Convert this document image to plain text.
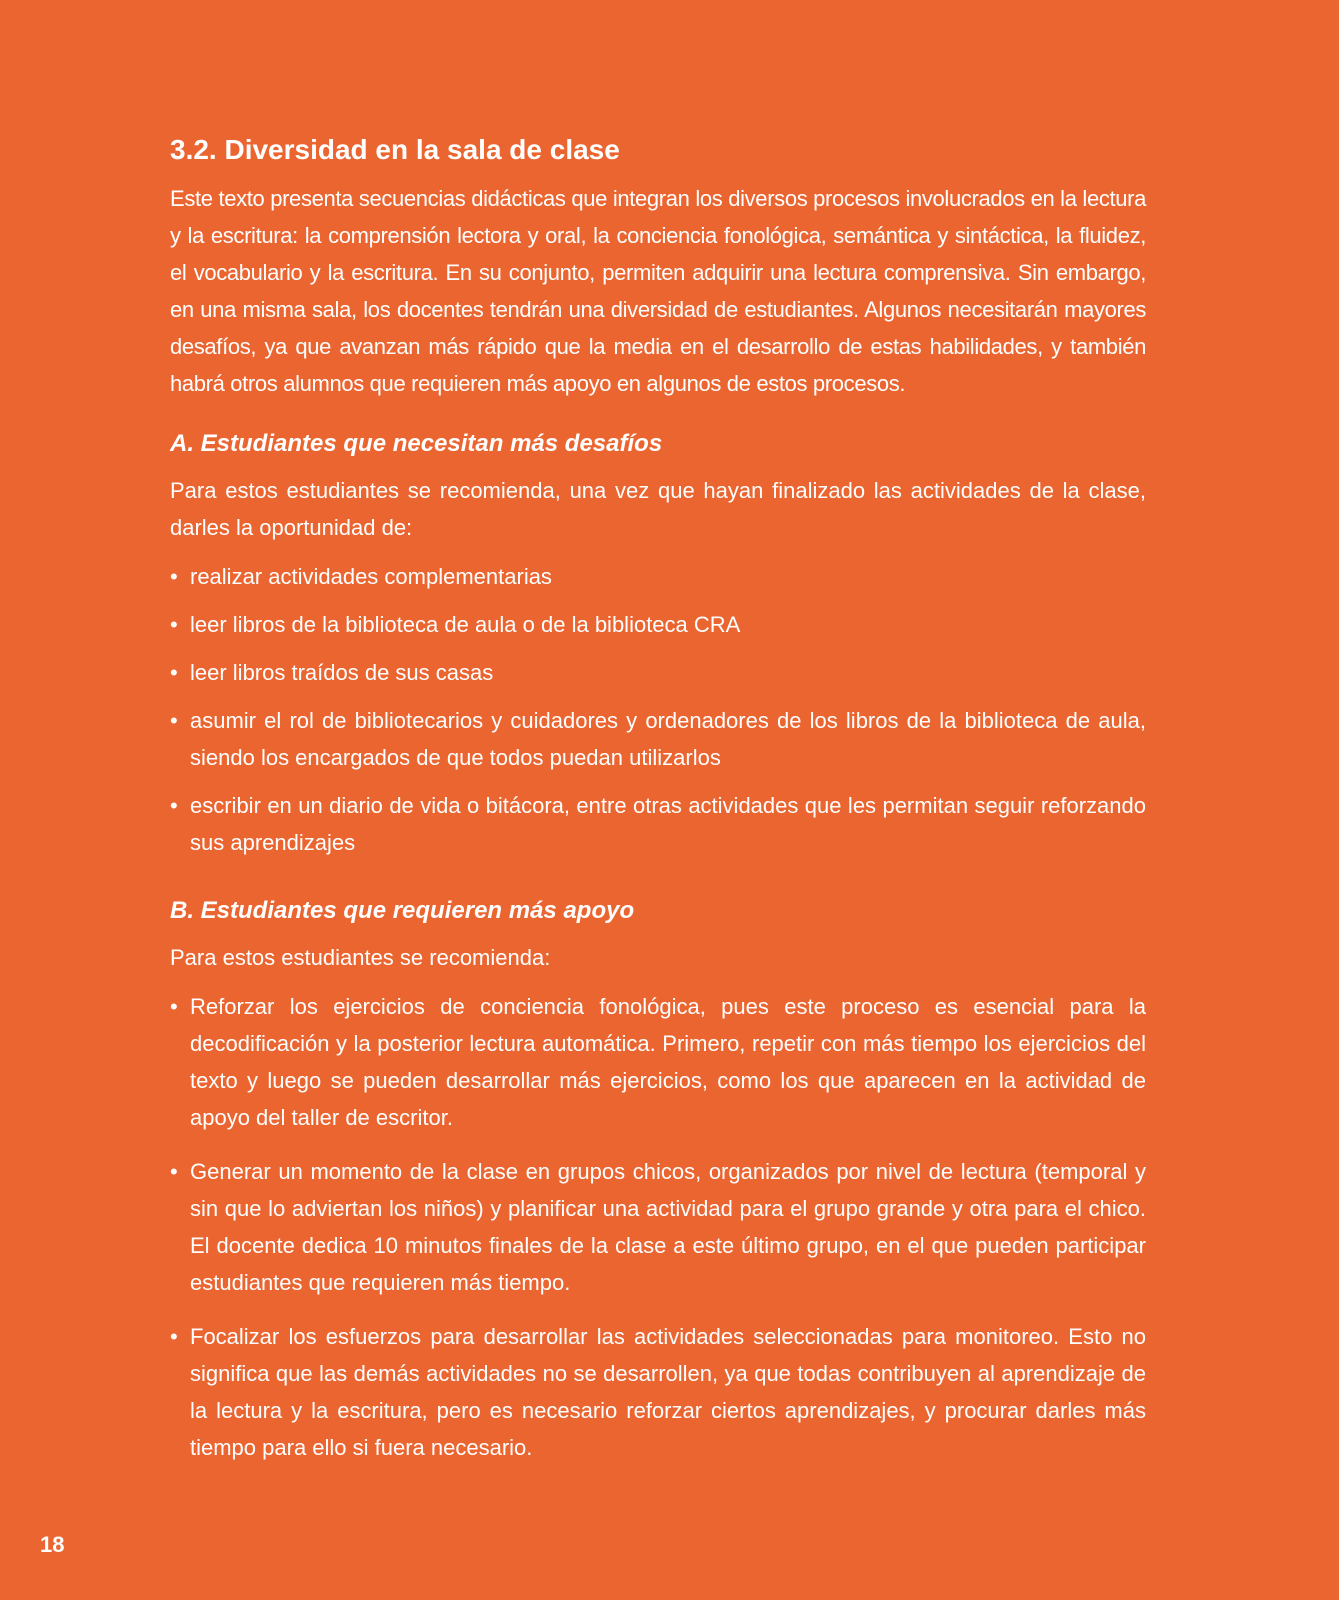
3.2. Diversidad en la sala de clase

Este texto presenta secuencias didácticas que integran los diversos procesos involucrados en la lectura y la escritura: la comprensión lectora y oral, la conciencia fonológica, semántica y sintáctica, la fluidez, el vocabulario y la escritura. En su conjunto, permiten adquirir una lectura comprensiva. Sin embargo, en una misma sala, los docentes tendrán una diversidad de estudiantes. Algunos necesitarán mayores desafíos, ya que avanzan más rápido que la media en el desarrollo de estas habilidades, y también habrá otros alumnos que requieren más apoyo en algunos de estos procesos.

A. Estudiantes que necesitan más desafíos

Para estos estudiantes se recomienda, una vez que hayan finalizado las actividades de la clase, darles la oportunidad de:

• realizar actividades complementarias
• leer libros de la biblioteca de aula o de la biblioteca CRA
• leer libros traídos de sus casas
• asumir el rol de bibliotecarios y cuidadores y ordenadores de los libros de la biblioteca de aula, siendo los encargados de que todos puedan utilizarlos
• escribir en un diario de vida o bitácora, entre otras actividades que les permitan seguir reforzando sus aprendizajes
B. Estudiantes que requieren más apoyo

Para estos estudiantes se recomienda:

• Reforzar los ejercicios de conciencia fonológica, pues este proceso es esencial para la decodificación y la posterior lectura automática. Primero, repetir con más tiempo los ejercicios del texto y luego se pueden desarrollar más ejercicios, como los que aparecen en la actividad de apoyo del taller de escritor.
• Generar un momento de la clase en grupos chicos, organizados por nivel de lectura (temporal y sin que lo adviertan los niños) y planificar una actividad para el grupo grande y otra para el chico. El docente dedica 10 minutos finales de la clase a este último grupo, en el que pueden participar estudiantes que requieren más tiempo.
• Focalizar los esfuerzos para desarrollar las actividades seleccionadas para monitoreo. Esto no significa que las demás actividades no se desarrollen, ya que todas contribuyen al aprendizaje de la lectura y la escritura, pero es necesario reforzar ciertos aprendizajes, y procurar darles más tiempo para ello si fuera necesario.
18
